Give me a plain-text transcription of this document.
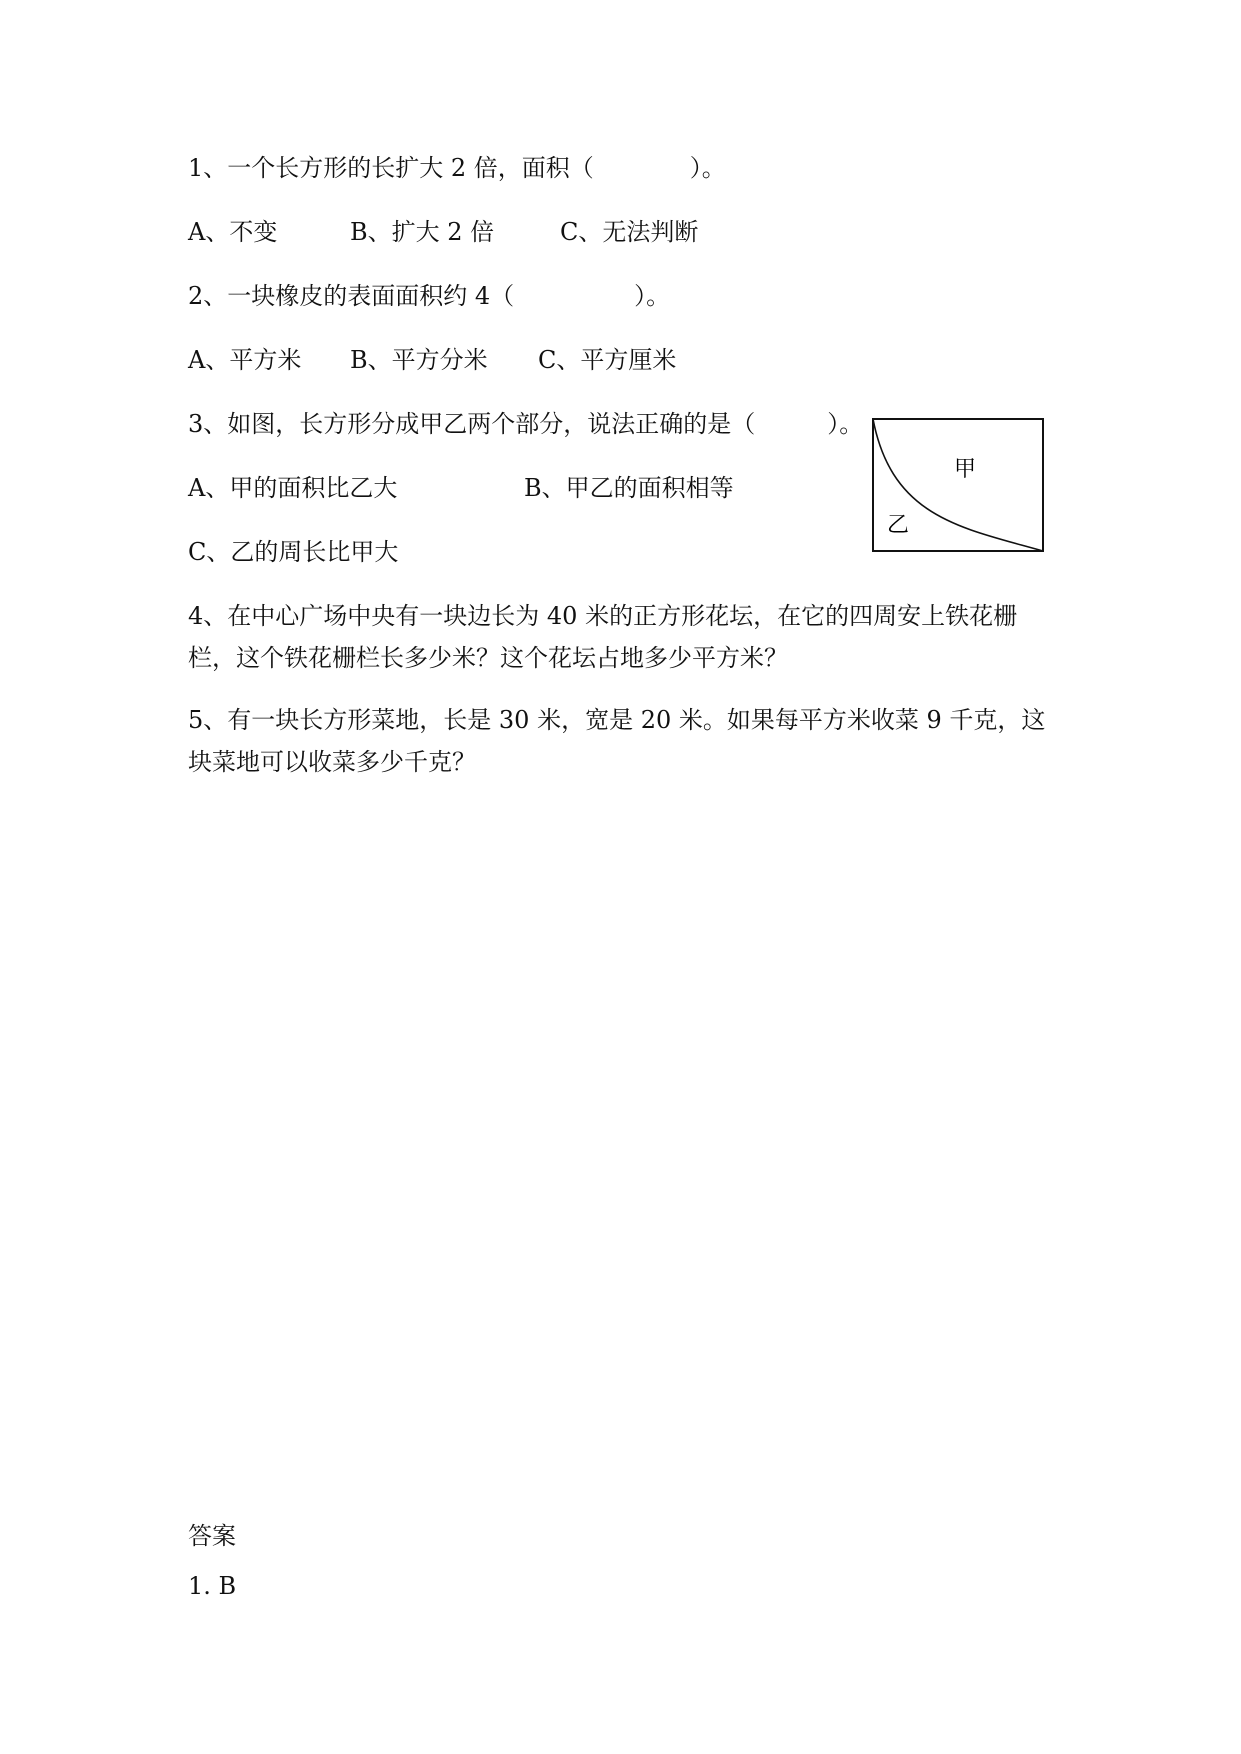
1、一个长方形的长扩大 2 倍，面积（　　　　）。
A、不变	B、扩大 2 倍	C、无法判断
2、一块橡皮的表面面积约 4（　　　　　）。
A、平方米 B、平方分米 C、平方厘米
3、如图，长方形分成甲乙两个部分，说法正确的是（　　　）。
A、甲的面积比乙大	B、甲乙的面积相等
C、乙的周长比甲大
甲
乙
4、在中心广场中央有一块边长为 40 米的正方形花坛，在它的四周安上铁花栅
栏，这个铁花栅栏长多少米？这个花坛占地多少平方米？
5、有一块长方形菜地，长是 30 米，宽是 20 米。如果每平方米收菜 9 千克，这
块菜地可以收菜多少千克？
答案
1. B
